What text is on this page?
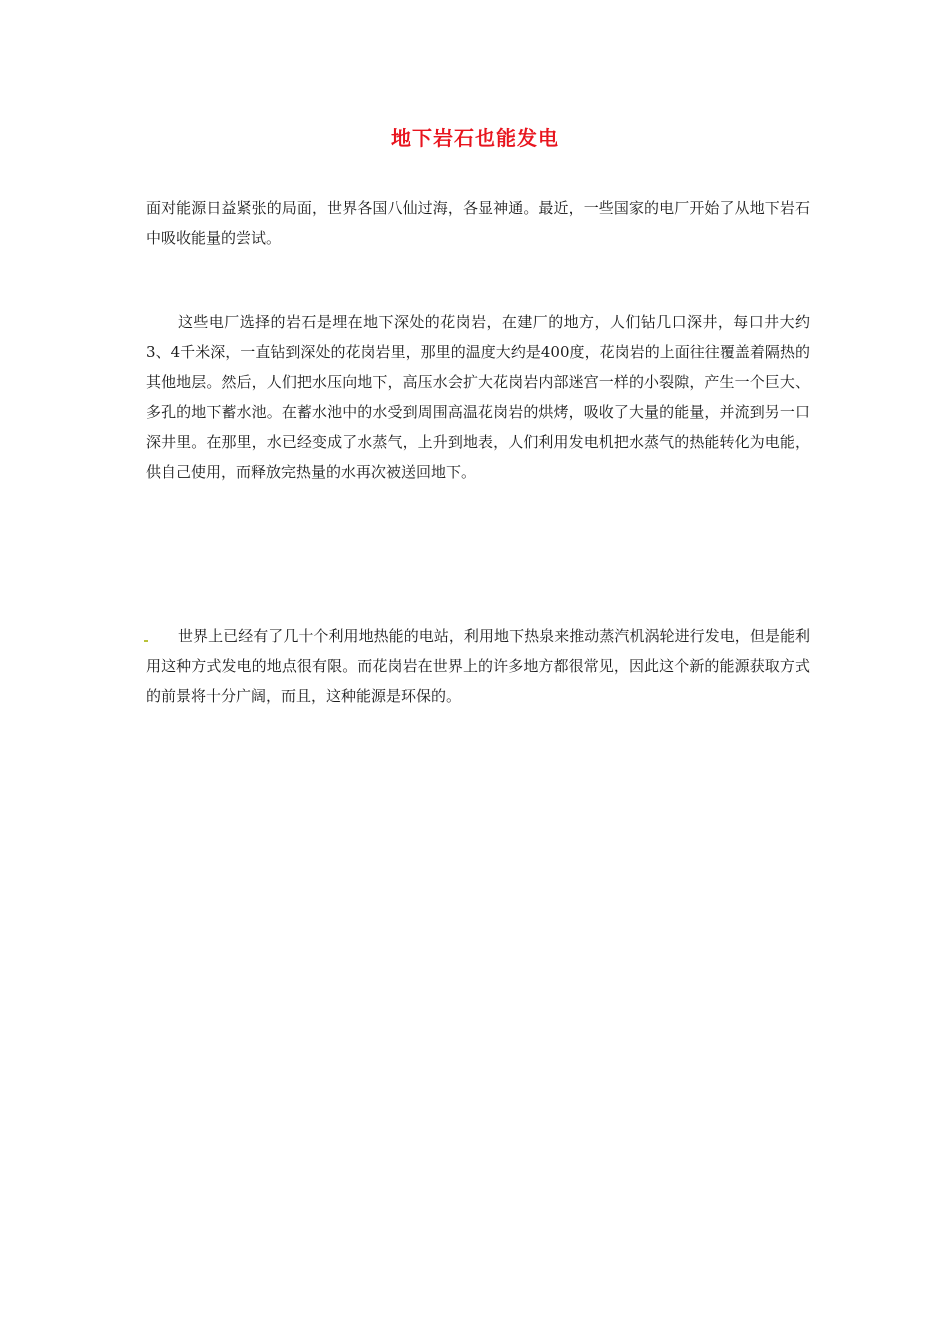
地下岩石也能发电

面对能源日益紧张的局面，世界各国八仙过海，各显神通。最近，一些国家的电厂开始了从地下岩石中吸收能量的尝试。

这些电厂选择的岩石是埋在地下深处的花岗岩，在建厂的地方，人们钻几口深井，每口井大约3、4千米深，一直钻到深处的花岗岩里，那里的温度大约是400度，花岗岩的上面往往覆盖着隔热的其他地层。然后，人们把水压向地下，高压水会扩大花岗岩内部迷宫一样的小裂隙，产生一个巨大、多孔的地下蓄水池。在蓄水池中的水受到周围高温花岗岩的烘烤，吸收了大量的能量，并流到另一口深井里。在那里，水已经变成了水蒸气，上升到地表，人们利用发电机把水蒸气的热能转化为电能，供自己使用，而释放完热量的水再次被送回地下。

世界上已经有了几十个利用地热能的电站，利用地下热泉来推动蒸汽机涡轮进行发电，但是能利用这种方式发电的地点很有限。而花岗岩在世界上的许多地方都很常见，因此这个新的能源获取方式的前景将十分广阔，而且，这种能源是环保的。
